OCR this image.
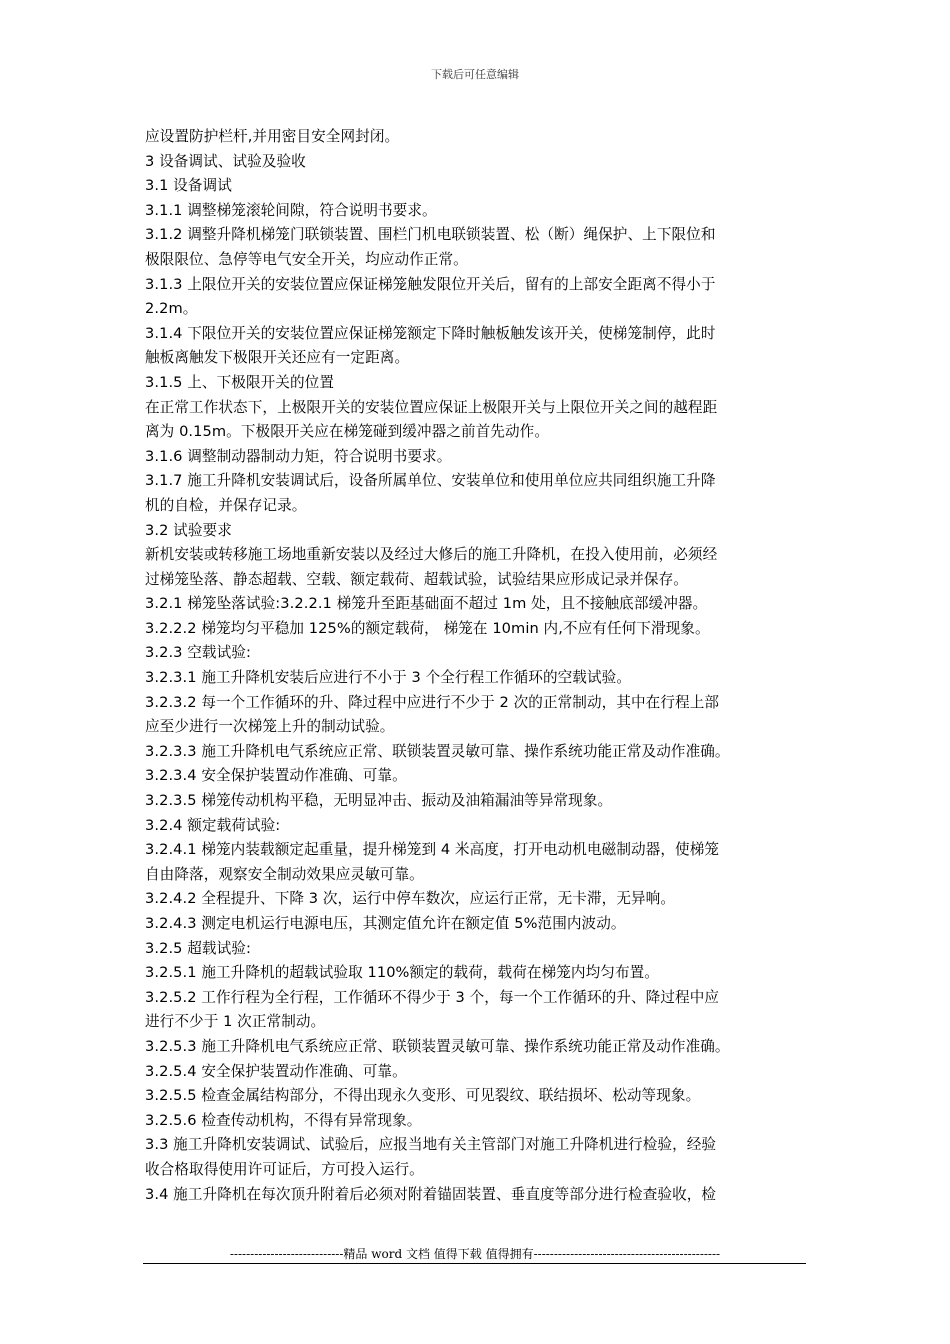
下载后可任意编辑
应设置防护栏杆,并用密目安全网封闭。
3 设备调试、试验及验收
3.1 设备调试
3.1.1 调整梯笼滚轮间隙，符合说明书要求。
3.1.2 调整升降机梯笼门联锁装置、围栏门机电联锁装置、松（断）绳保护、上下限位和
极限限位、急停等电气安全开关，均应动作正常。
3.1.3 上限位开关的安装位置应保证梯笼触发限位开关后，留有的上部安全距离不得小于
2.2m。
3.1.4 下限位开关的安装位置应保证梯笼额定下降时触板触发该开关，使梯笼制停，此时
触板离触发下极限开关还应有一定距离。
3.1.5 上、下极限开关的位置
在正常工作状态下，上极限开关的安装位置应保证上极限开关与上限位开关之间的越程距
离为 0.15m。下极限开关应在梯笼碰到缓冲器之前首先动作。
3.1.6 调整制动器制动力矩，符合说明书要求。
3.1.7 施工升降机安装调试后，设备所属单位、安装单位和使用单位应共同组织施工升降
机的自检，并保存记录。
3.2 试验要求
新机安装或转移施工场地重新安装以及经过大修后的施工升降机，在投入使用前，必须经
过梯笼坠落、静态超载、空载、额定载荷、超载试验，试验结果应形成记录并保存。
3.2.1 梯笼坠落试验:3.2.2.1 梯笼升至距基础面不超过 1m 处，且不接触底部缓冲器。
3.2.2.2 梯笼均匀平稳加 125%的额定载荷， 梯笼在 10min 内,不应有任何下滑现象。
3.2.3 空载试验:
3.2.3.1 施工升降机安装后应进行不小于 3 个全行程工作循环的空载试验。
3.2.3.2 每一个工作循环的升、降过程中应进行不少于 2 次的正常制动，其中在行程上部
应至少进行一次梯笼上升的制动试验。
3.2.3.3 施工升降机电气系统应正常、联锁装置灵敏可靠、操作系统功能正常及动作准确。
3.2.3.4 安全保护装置动作准确、可靠。
3.2.3.5 梯笼传动机构平稳，无明显冲击、振动及油箱漏油等异常现象。
3.2.4 额定载荷试验:
3.2.4.1 梯笼内装载额定起重量，提升梯笼到 4 米高度，打开电动机电磁制动器，使梯笼
自由降落，观察安全制动效果应灵敏可靠。
3.2.4.2 全程提升、下降 3 次，运行中停车数次，应运行正常，无卡滞，无异响。
3.2.4.3 测定电机运行电源电压，其测定值允许在额定值 5%范围内波动。
3.2.5 超载试验:
3.2.5.1 施工升降机的超载试验取 110%额定的载荷，载荷在梯笼内均匀布置。
3.2.5.2 工作行程为全行程，工作循环不得少于 3 个，每一个工作循环的升、降过程中应
进行不少于 1 次正常制动。
3.2.5.3 施工升降机电气系统应正常、联锁装置灵敏可靠、操作系统功能正常及动作准确。
3.2.5.4 安全保护装置动作准确、可靠。
3.2.5.5 检查金属结构部分，不得出现永久变形、可见裂纹、联结损坏、松动等现象。
3.2.5.6 检查传动机构，不得有异常现象。
3.3 施工升降机安装调试、试验后，应报当地有关主管部门对施工升降机进行检验，经验
收合格取得使用许可证后，方可投入运行。
3.4 施工升降机在每次顶升附着后必须对附着锚固装置、垂直度等部分进行检查验收，检
----------------------------精品 word 文档 值得下载 值得拥有----------------------------------------------
